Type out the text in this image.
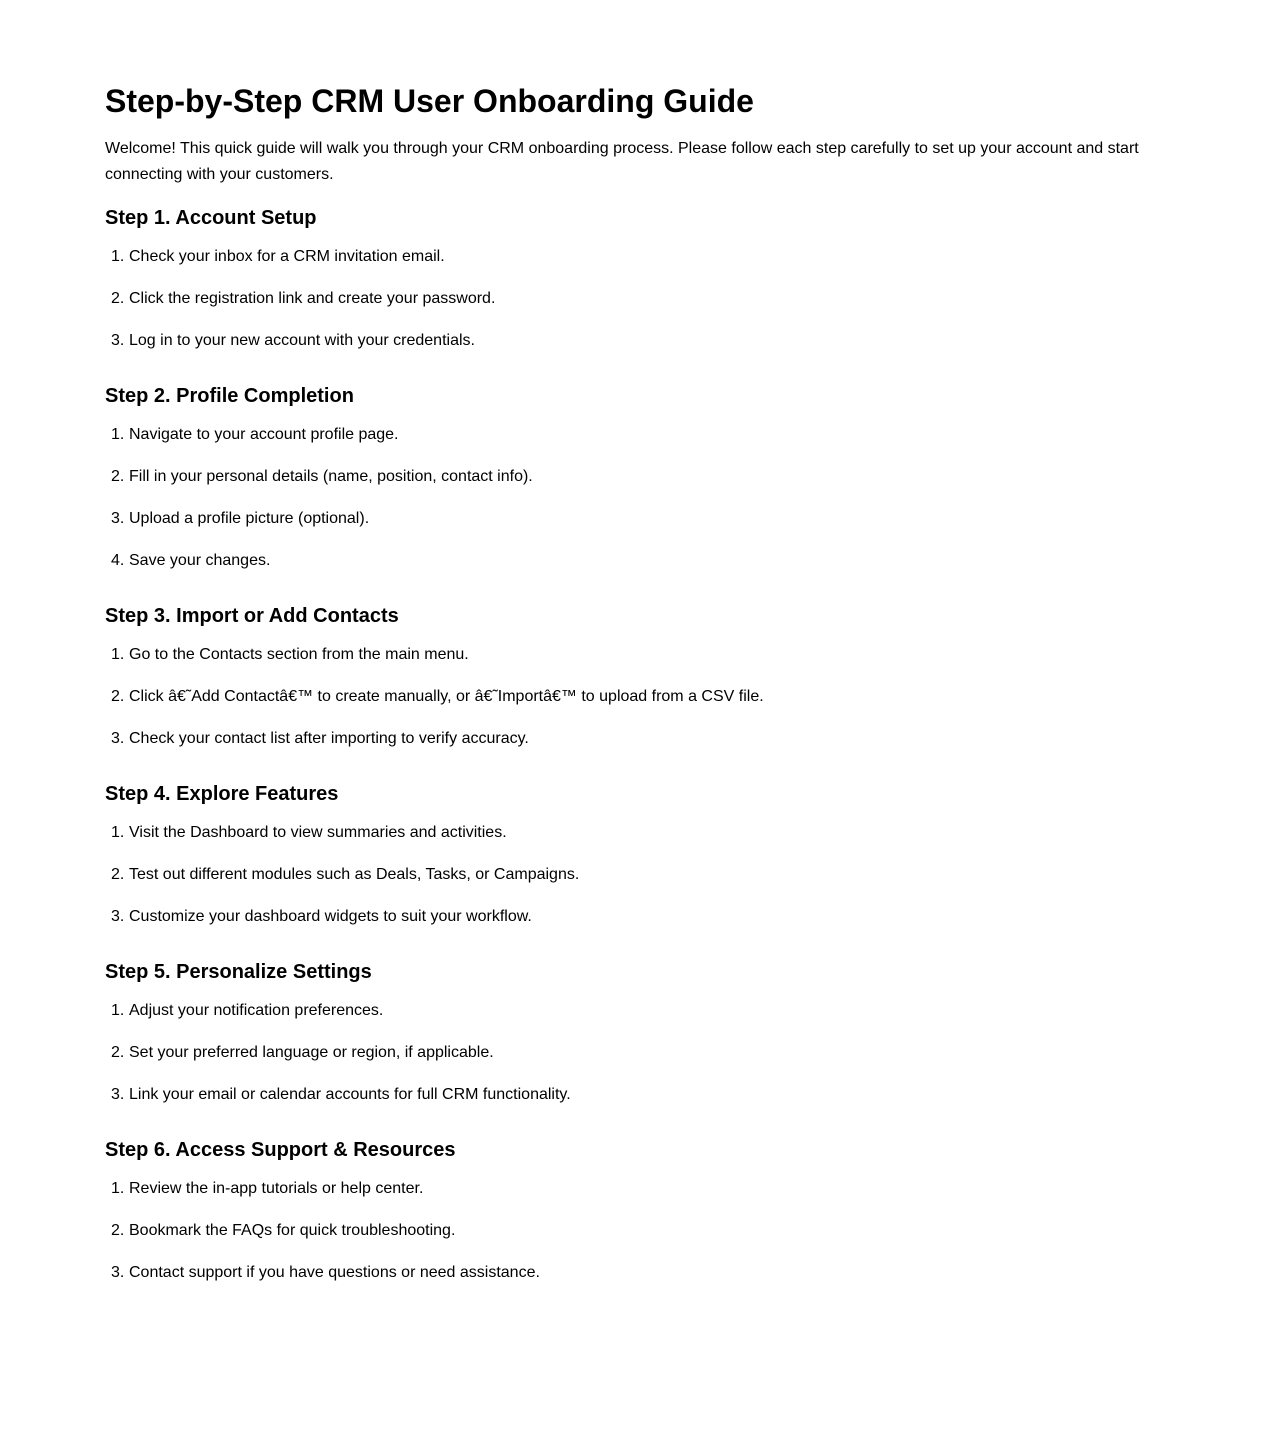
Step-by-Step CRM User Onboarding Guide

Welcome! This quick guide will walk you through your CRM onboarding process. Please follow each step carefully to set up your account and start connecting with your customers.

Step 1. Account Setup
1. Check your inbox for a CRM invitation email.
2. Click the registration link and create your password.
3. Log in to your new account with your credentials.
Step 2. Profile Completion
1. Navigate to your account profile page.
2. Fill in your personal details (name, position, contact info).
3. Upload a profile picture (optional).
4. Save your changes.
Step 3. Import or Add Contacts
1. Go to the Contacts section from the main menu.
2. Click â€˜Add Contactâ€™ to create manually, or â€˜Importâ€™ to upload from a CSV file.
3. Check your contact list after importing to verify accuracy.
Step 4. Explore Features
1. Visit the Dashboard to view summaries and activities.
2. Test out different modules such as Deals, Tasks, or Campaigns.
3. Customize your dashboard widgets to suit your workflow.
Step 5. Personalize Settings
1. Adjust your notification preferences.
2. Set your preferred language or region, if applicable.
3. Link your email or calendar accounts for full CRM functionality.
Step 6. Access Support & Resources
1. Review the in-app tutorials or help center.
2. Bookmark the FAQs for quick troubleshooting.
3. Contact support if you have questions or need assistance.
